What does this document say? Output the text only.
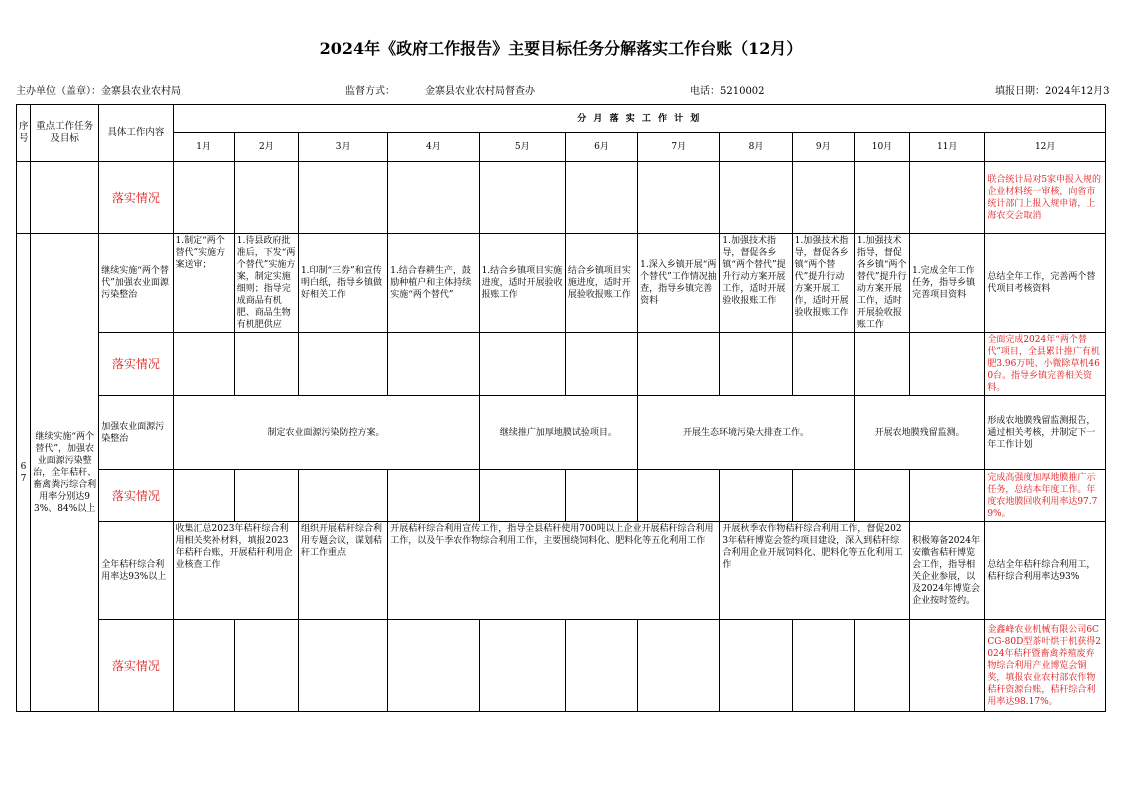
2024年《政府工作报告》主要目标任务分解落实工作台账（12月）
主办单位（盖章）：金寨县农业农村局	监督方式：	金寨县农业农村局督查办	电话：5210002	填报日期：2024年12月3
序号	重点工作任务及目标	具体工作内容	分 月 落 实 工 作 计 划											
			1月	2月	3月	4月	5月	6月	7月	8月	9月	10月	11月	12月
		落实情况												联合统计局对5家申报入规的企业材料统一审核，向省市统计部门上报入规申请，上海农交会取消
67	继续实施“两个替代”，加强农业面源污染整治，全年秸秆、畜禽粪污综合利用率分别达93%、84%以上	继续实施“两个替代”加强农业面源污染整治	1.制定“两个替代”实施方案送审；	1.待县政府批准后，下发“两个替代”实施方案，制定实施细则；指导完成商品有机肥、商品生物有机肥供应	1.印制“三券”和宣传明白纸，指导乡镇做好相关工作	1.结合春耕生产，鼓励种植户和主体持续实施“两个替代”	1.结合乡镇项目实施进度，适时开展验收报账工作	结合乡镇项目实施进度，适时开展验收报账工作	1.深入乡镇开展“两个替代”工作情况抽查，指导乡镇完善资料	1.加强技术指导，督促各乡镇“两个替代”提升行动方案开展工作，适时开展验收报账工作	1.加强技术指导，督促各乡镇“两个替代”提升行动方案开展工作，适时开展验收报账工作	1.加强技术指导，督促各乡镇“两个替代”提升行动方案开展工作，适时开展验收报账工作	1.完成全年工作任务，指导乡镇完善项目资料	总结全年工作，完善两个替代项目考核资料
		落实情况												全面完成2024年“两个替代”项目，全县累计推广有机肥3.96万吨、小微除草机460台。指导乡镇完善相关资料。
		加强农业面源污染整治	制定农业面源污染防控方案。				继续推广加厚地膜试验项目。		开展生态环境污染大排查工作。			开展农地膜残留监测。		形成农地膜残留监测报告，通过相关考核，并制定下一年工作计划
		落实情况												完成高强度加厚地膜推广示任务，总结本年度工作。年度农地膜回收利用率达97.79%。
		全年秸秆综合利用率达93%以上	收集汇总2023年秸秆综合利用相关奖补材料，填报2023年秸秆台账，开展秸秆利用企业核查工作		组织开展秸秆综合利用专题会议，谋划秸秆工作重点	开展秸秆综合利用宣传工作，指导全县秸秆使用700吨以上企业开展秸秆综合利用工作，以及午季农作物综合利用工作，主要围绕饲料化、肥料化等五化利用工作				开展秋季农作物秸秆综合利用工作，督促2023年秸秆博览会签约项目建设，深入到秸秆综合利用企业开展饲料化、肥料化等五化利用工作			积极筹备2024年安徽省秸秆博览会工作，指导相关企业参展，以及2024年博览会企业按时签约。	总结全年秸秆综合利用工，秸秆综合利用率达93%
		落实情况												金鑫峰农业机械有限公司6CCG-80D型茶叶烘干机获得2024年秸秆暨畜禽养殖废弃物综合利用产业博览会铜奖，填报农业农村部农作物秸秆资源台账，秸秆综合利用率达98.17%。
